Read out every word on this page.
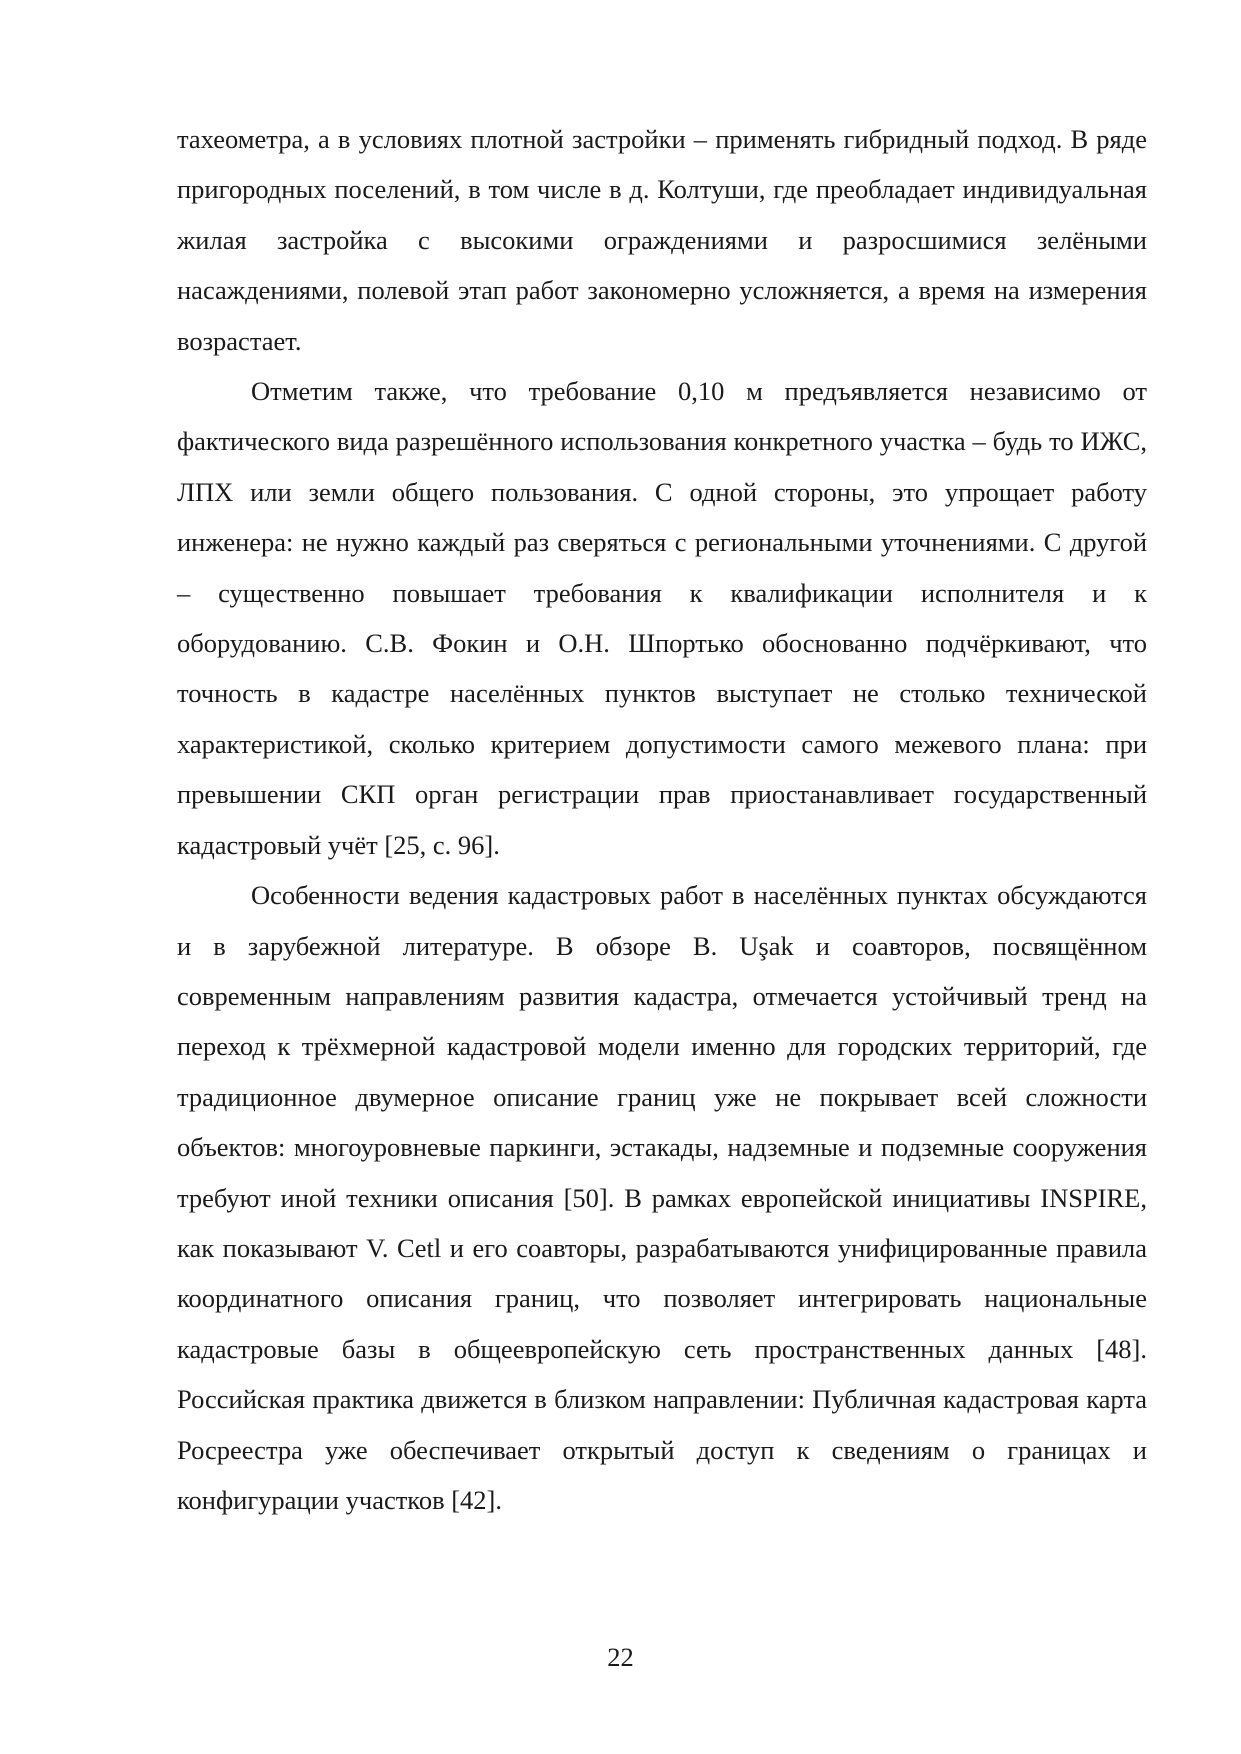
тахеометра, а в условиях плотной застройки – применять гибридный подход. В ряде пригородных поселений, в том числе в д. Колтуши, где преобладает индивидуальная жилая застройка с высокими ограждениями и разросшимися зелёными насаждениями, полевой этап работ закономерно усложняется, а время на измерения возрастает.

Отметим также, что требование 0,10 м предъявляется независимо от фактического вида разрешённого использования конкретного участка – будь то ИЖС, ЛПХ или земли общего пользования. С одной стороны, это упрощает работу инженера: не нужно каждый раз сверяться с региональными уточнениями. С другой – существенно повышает требования к квалификации исполнителя и к оборудованию. С.В. Фокин и О.Н. Шпортько обоснованно подчёркивают, что точность в кадастре населённых пунктов выступает не столько технической характеристикой, сколько критерием допустимости самого межевого плана: при превышении СКП орган регистрации прав приостанавливает государственный кадастровый учёт [25, с. 96].

Особенности ведения кадастровых работ в населённых пунктах обсуждаются и в зарубежной литературе. В обзоре B. Uşak и соавторов, посвящённом современным направлениям развития кадастра, отмечается устойчивый тренд на переход к трёхмерной кадастровой модели именно для городских территорий, где традиционное двумерное описание границ уже не покрывает всей сложности объектов: многоуровневые паркинги, эстакады, надземные и подземные сооружения требуют иной техники описания [50]. В рамках европейской инициативы INSPIRE, как показывают V. Cetl и его соавторы, разрабатываются унифицированные правила координатного описания границ, что позволяет интегрировать национальные кадастровые базы в общеевропейскую сеть пространственных данных [48]. Российская практика движется в близком направлении: Публичная кадастровая карта Росреестра уже обеспечивает открытый доступ к сведениям о границах и конфигурации участков [42].

22
